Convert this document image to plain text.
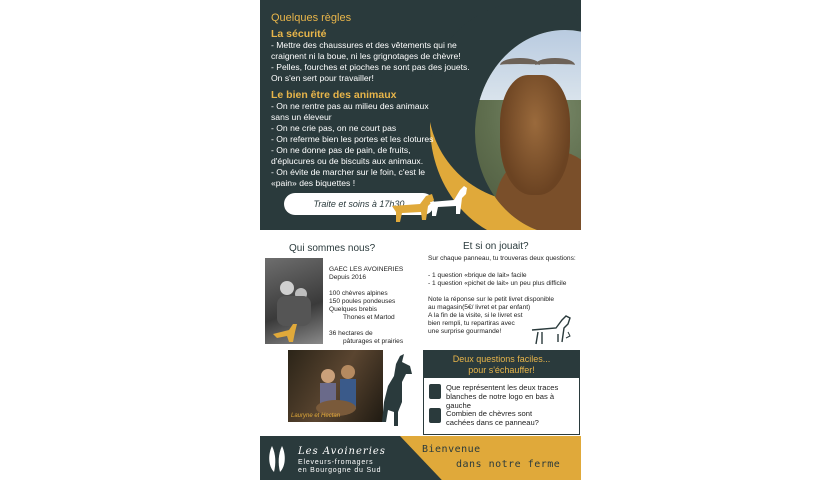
Quelques règles
La sécurité
- Mettre des chaussures et des vêtements qui ne
craignent ni la boue, ni les grignotages de chèvre!
- Pelles, fourches et pioches ne sont pas des jouets.
On s'en sert pour travailler!
Le bien être des animaux
- On ne rentre pas au milieu des animaux
sans un éleveur
- On ne crie pas, on ne court pas
- On referme bien les portes et les clotures
- On ne donne pas de pain, de fruits,
d'éplucures ou de biscuits aux animaux.
- On évite de marcher sur le foin, c'est le
«pain» des biquettes !
Traite et soins à 17h30
Qui sommes nous?
GAEC LES AVOINERIES
Depuis 2016
100 chèvres alpines
150 poules pondeuses
Quelques brebis
Thones et Martod
36 hectares de
pâturages et prairies
Lauryne et Hectan
Et si on jouait?
Sur chaque panneau, tu trouveras deux questions:
- 1 question «brique de lait» facile
- 1 question «pichet de lait» un peu plus difficile
Note la réponse sur le petit livret disponible
au magasin(5€/ livret et par enfant)
A la fin de la visite, si le livret est
bien rempli, tu repartiras avec
une surprise gourmande!
Deux questions faciles...
pour s'échauffer!
Que représentent les deux traces
blanches de notre logo en bas à gauche
Combien de chèvres sont
cachées dans ce panneau?
Les Avoineries
Eleveurs-fromagers
en Bourgogne du Sud
Bienvenue
dans notre ferme
